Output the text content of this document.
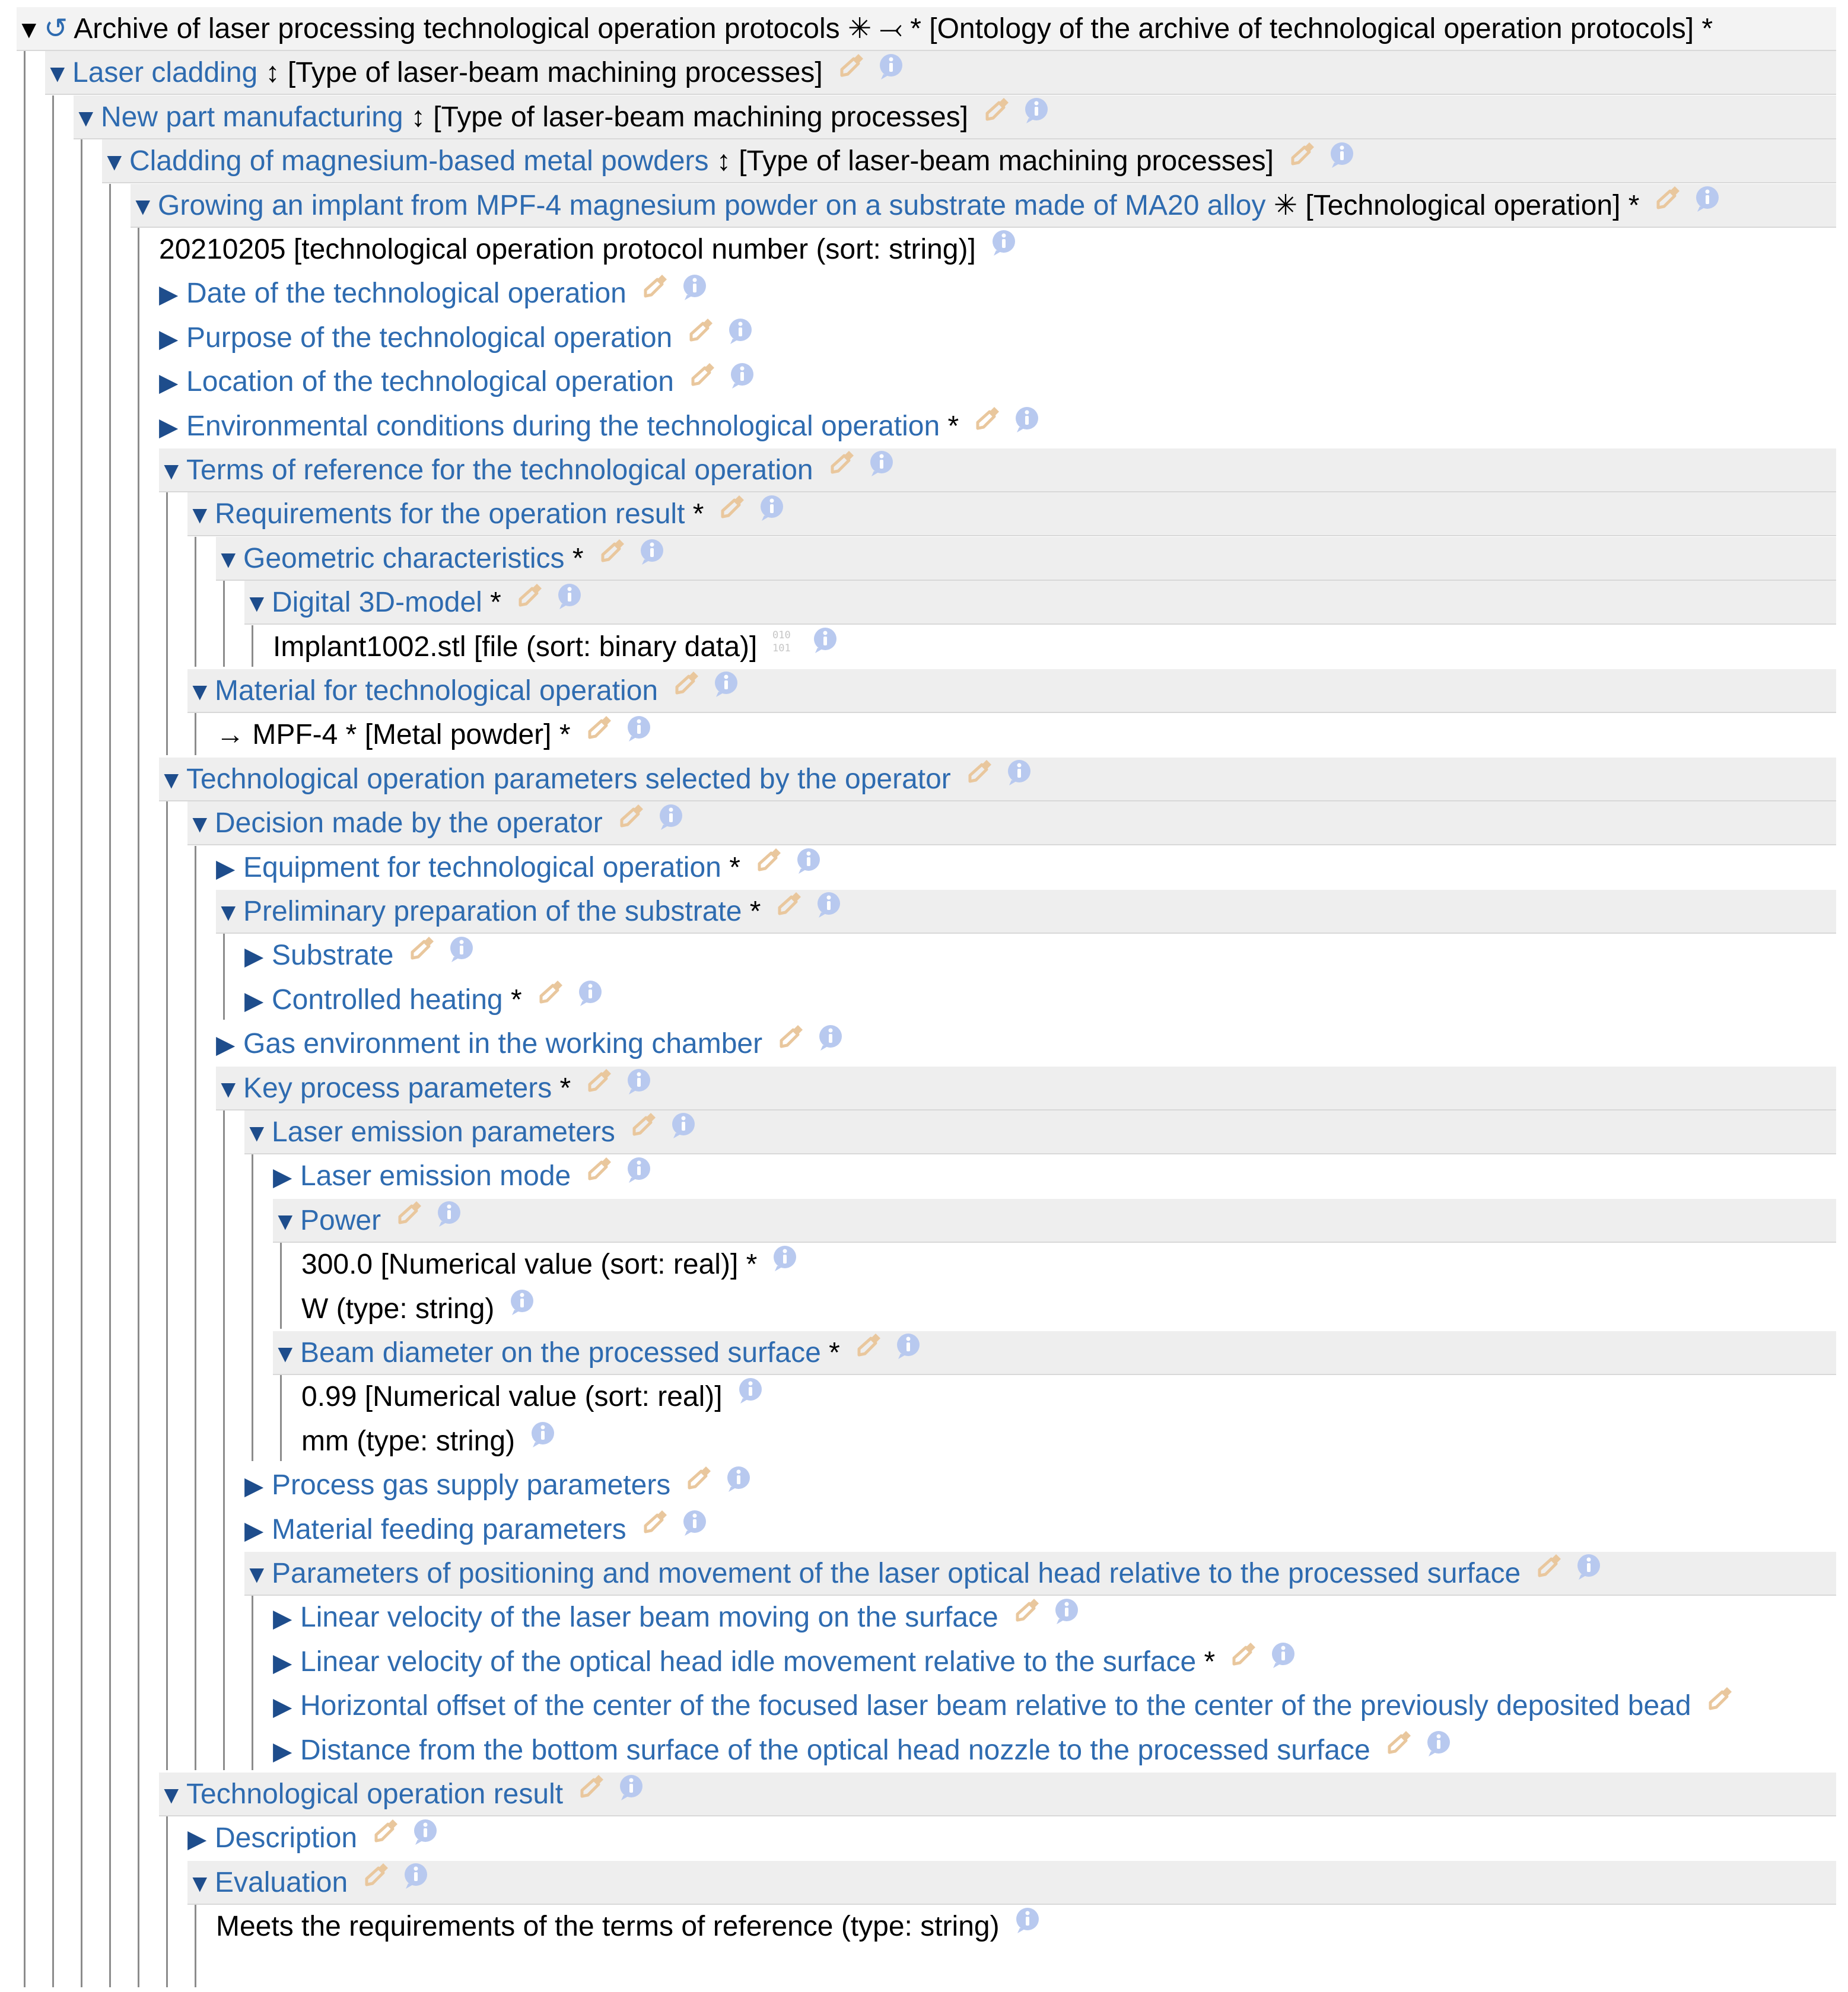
▼↺ Archive of laser processing technological operation protocols ✳ ⤙ * [Ontology of the archive of technological operation protocols] *
▼Laser cladding ↕ [Type of laser-beam machining processes]
▼New part manufacturing ↕ [Type of laser-beam machining processes]
▼Cladding of magnesium-based metal powders ↕ [Type of laser-beam machining processes]
▼Growing an implant from MPF-4 magnesium powder on a substrate made of MA20 alloy ✳ [Technological operation] *
20210205 [technological operation protocol number (sort: string)]
▶ Date of the technological operation
▶ Purpose of the technological operation
▶ Location of the technological operation
▶ Environmental conditions during the technological operation *
▼Terms of reference for the technological operation
▼Requirements for the operation result *
▼Geometric characteristics *
▼Digital 3D-model *
Implant1002.stl [file (sort: binary data)] 010
101
▼Material for technological operation
→ MPF-4 * [Metal powder] *
▼Technological operation parameters selected by the operator
▼Decision made by the operator
▶ Equipment for technological operation *
▼Preliminary preparation of the substrate *
▶ Substrate
▶ Controlled heating *
▶ Gas environment in the working chamber
▼Key process parameters *
▼Laser emission parameters
▶ Laser emission mode
▼Power
300.0 [Numerical value (sort: real)] *
W (type: string)
▼Beam diameter on the processed surface *
0.99 [Numerical value (sort: real)]
mm (type: string)
▶ Process gas supply parameters
▶ Material feeding parameters
▼Parameters of positioning and movement of the laser optical head relative to the processed surface
▶ Linear velocity of the laser beam moving on the surface
▶ Linear velocity of the optical head idle movement relative to the surface *
▶ Horizontal offset of the center of the focused laser beam relative to the center of the previously deposited bead
▶ Distance from the bottom surface of the optical head nozzle to the processed surface
▼Technological operation result
▶ Description
▼Evaluation
Meets the requirements of the terms of reference (type: string)
